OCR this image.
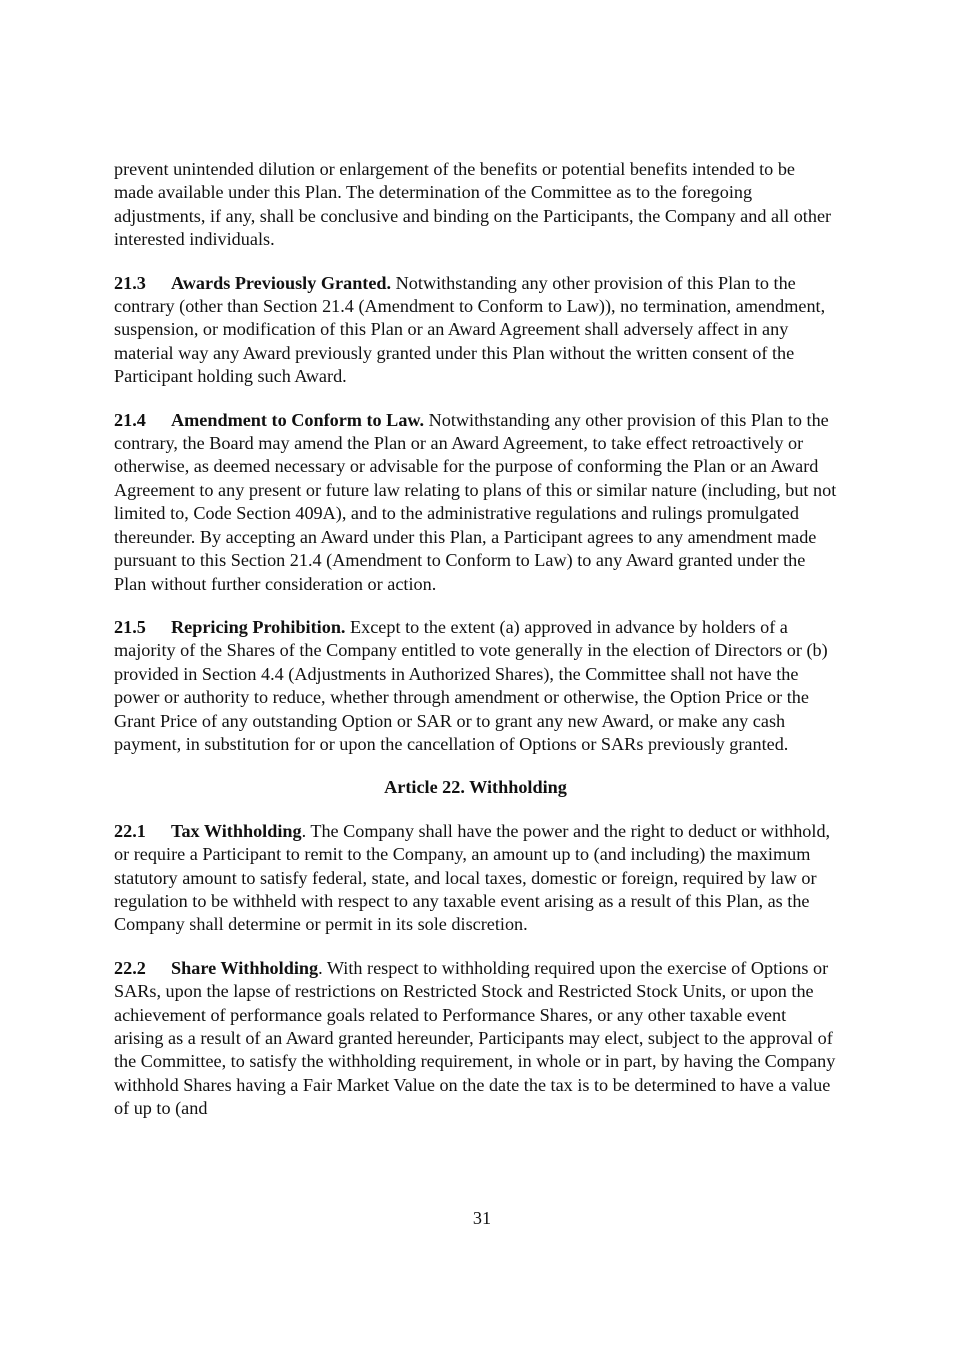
prevent unintended dilution or enlargement of the benefits or potential benefits intended to be made available under this Plan. The determination of the Committee as to the foregoing adjustments, if any, shall be conclusive and binding on the Participants, the Company and all other interested individuals.

21.3 Awards Previously Granted. Notwithstanding any other provision of this Plan to the contrary (other than Section 21.4 (Amendment to Conform to Law)), no termination, amendment, suspension, or modification of this Plan or an Award Agreement shall adversely affect in any material way any Award previously granted under this Plan without the written consent of the Participant holding such Award.

21.4 Amendment to Conform to Law. Notwithstanding any other provision of this Plan to the contrary, the Board may amend the Plan or an Award Agreement, to take effect retroactively or otherwise, as deemed necessary or advisable for the purpose of conforming the Plan or an Award Agreement to any present or future law relating to plans of this or similar nature (including, but not limited to, Code Section 409A), and to the administrative regulations and rulings promulgated thereunder. By accepting an Award under this Plan, a Participant agrees to any amendment made pursuant to this Section 21.4 (Amendment to Conform to Law) to any Award granted under the Plan without further consideration or action.

21.5 Repricing Prohibition. Except to the extent (a) approved in advance by holders of a majority of the Shares of the Company entitled to vote generally in the election of Directors or (b) provided in Section 4.4 (Adjustments in Authorized Shares), the Committee shall not have the power or authority to reduce, whether through amendment or otherwise, the Option Price or the Grant Price of any outstanding Option or SAR or to grant any new Award, or make any cash payment, in substitution for or upon the cancellation of Options or SARs previously granted.

Article 22. Withholding

22.1 Tax Withholding. The Company shall have the power and the right to deduct or withhold, or require a Participant to remit to the Company, an amount up to (and including) the maximum statutory amount to satisfy federal, state, and local taxes, domestic or foreign, required by law or regulation to be withheld with respect to any taxable event arising as a result of this Plan, as the Company shall determine or permit in its sole discretion.

22.2 Share Withholding. With respect to withholding required upon the exercise of Options or SARs, upon the lapse of restrictions on Restricted Stock and Restricted Stock Units, or upon the achievement of performance goals related to Performance Shares, or any other taxable event arising as a result of an Award granted hereunder, Participants may elect, subject to the approval of the Committee, to satisfy the withholding requirement, in whole or in part, by having the Company withhold Shares having a Fair Market Value on the date the tax is to be determined to have a value of up to (and

31
